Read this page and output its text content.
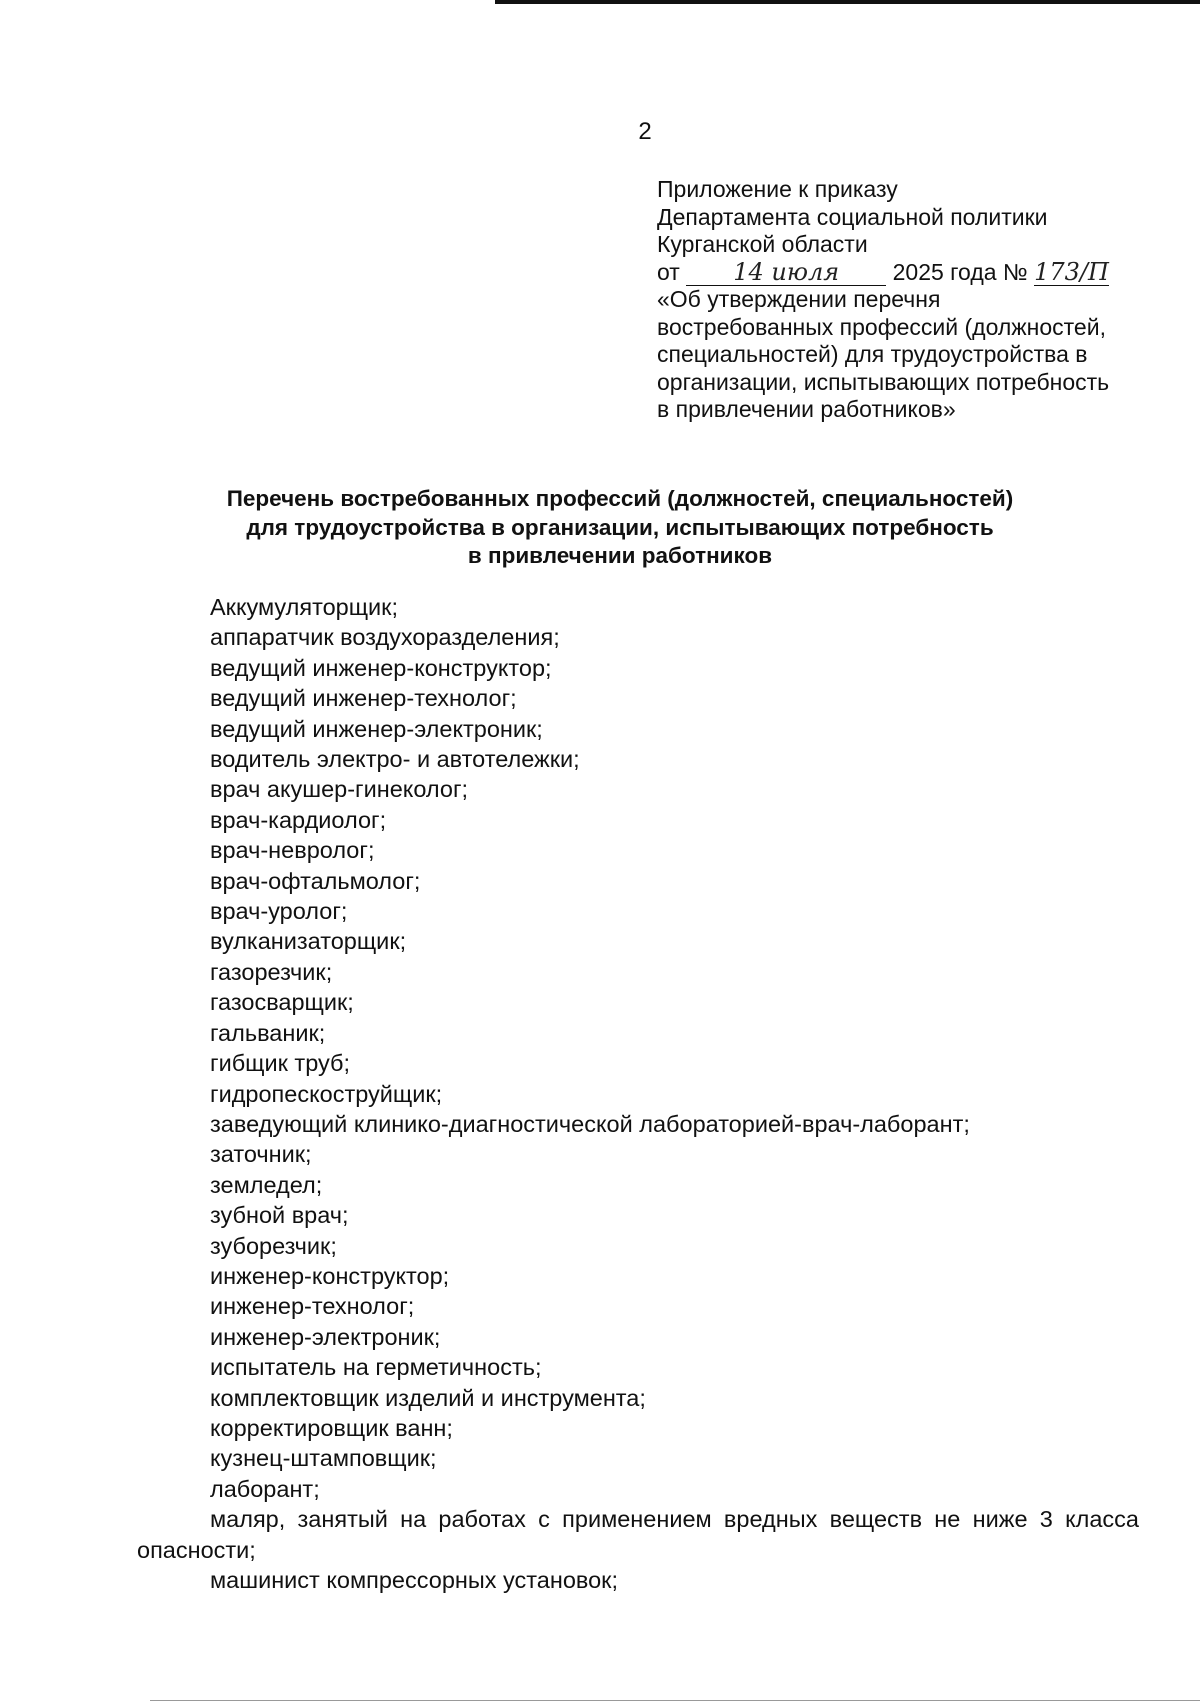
2
Приложение к приказу
Департамента социальной политики
Курганской области
от 14 июля 2025 года № 173/П
«Об утверждении перечня
востребованных профессий (должностей,
специальностей) для трудоустройства в
организации, испытывающих потребность
в привлечении работников»
Перечень востребованных профессий (должностей, специальностей)
для трудоустройства в организации, испытывающих потребность
в привлечении работников
Аккумуляторщик;
аппаратчик воздухоразделения;
ведущий инженер-конструктор;
ведущий инженер-технолог;
ведущий инженер-электроник;
водитель электро- и автотележки;
врач акушер-гинеколог;
врач-кардиолог;
врач-невролог;
врач-офтальмолог;
врач-уролог;
вулканизаторщик;
газорезчик;
газосварщик;
гальваник;
гибщик труб;
гидропескоструйщик;
заведующий клинико-диагностической лабораторией-врач-лаборант;
заточник;
земледел;
зубной врач;
зуборезчик;
инженер-конструктор;
инженер-технолог;
инженер-электроник;
испытатель на герметичность;
комплектовщик изделий и инструмента;
корректировщик ванн;
кузнец-штамповщик;
лаборант;
маляр, занятый на работах с применением вредных веществ не ниже 3 класса опасности;
машинист компрессорных установок;
